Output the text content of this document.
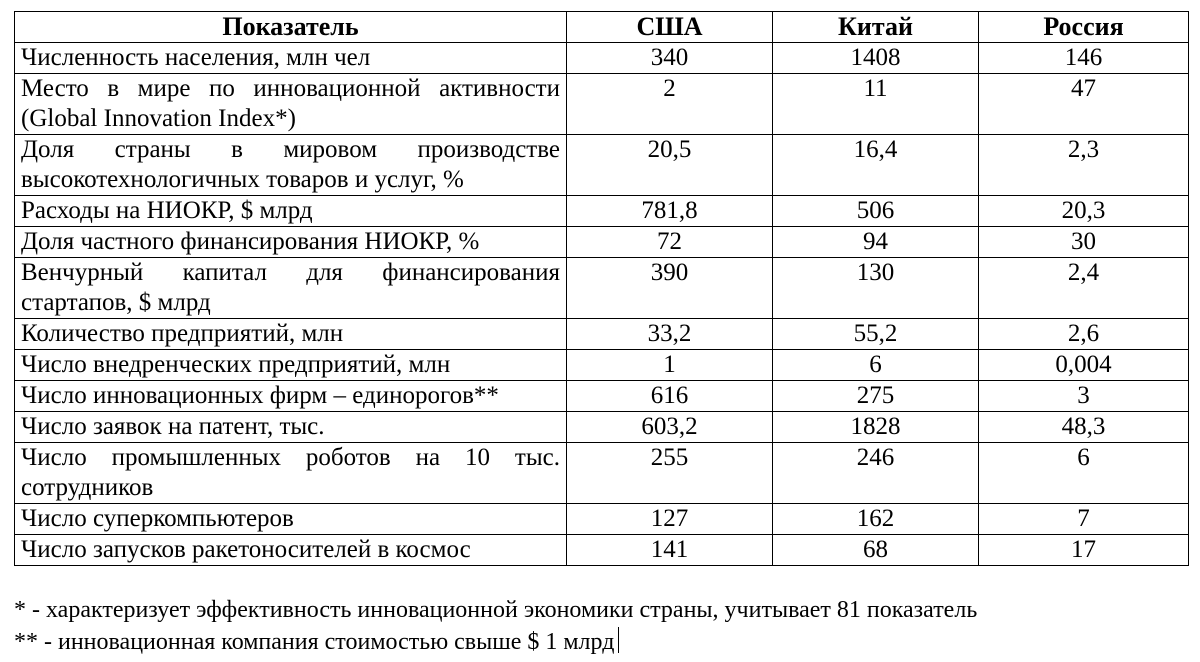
Показатель	США	Китай	Россия
Численность населения, млн чел	340	1408	146
Место в мире по инновационной активности (Global Innovation Index*)	2	11	47
Доля страны в мировом производстве высокотехнологичных товаров и услуг, %	20,5	16,4	2,3
Расходы на НИОКР, $ млрд	781,8	506	20,3
Доля частного финансирования НИОКР, %	72	94	30
Венчурный капитал для финансирования стартапов, $ млрд	390	130	2,4
Количество предприятий, млн	33,2	55,2	2,6
Число внедренческих предприятий, млн	1	6	0,004
Число инновационных фирм – единорогов**	616	275	3
Число заявок на патент, тыс.	603,2	1828	48,3
Число промышленных роботов на 10 тыс. сотрудников	255	246	6
Число суперкомпьютеров	127	162	7
Число запусков ракетоносителей в космос	141	68	17

* - характеризует эффективность инновационной экономики страны, учитывает 81 показатель

** - инновационная компания стоимостью свыше $ 1 млрд
